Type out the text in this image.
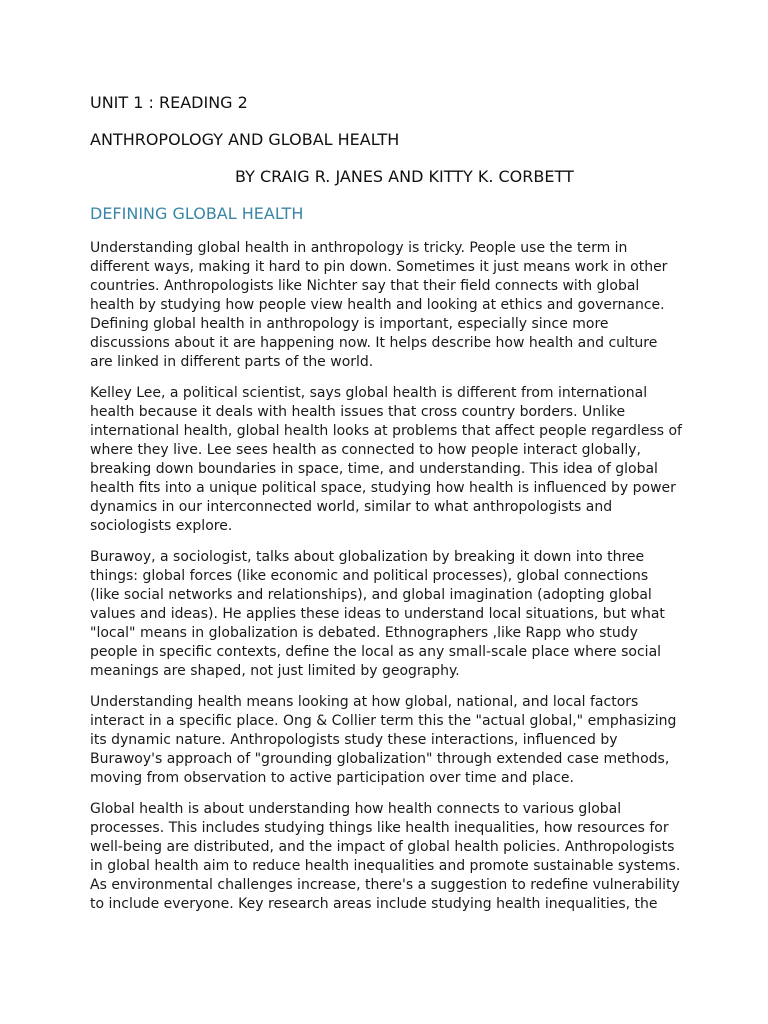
UNIT 1 : READING 2
ANTHROPOLOGY AND GLOBAL HEALTH
BY CRAIG R. JANES AND KITTY K. CORBETT
DEFINING GLOBAL HEALTH

Understanding global health in anthropology is tricky. People use the term in different ways, making it hard to pin down. Sometimes it just means work in other countries. Anthropologists like Nichter say that their field connects with global health by studying how people view health and looking at ethics and governance. Defining global health in anthropology is important, especially since more discussions about it are happening now. It helps describe how health and culture are linked in different parts of the world.

Kelley Lee, a political scientist, says global health is different from international health because it deals with health issues that cross country borders. Unlike international health, global health looks at problems that affect people regardless of where they live. Lee sees health as connected to how people interact globally, breaking down boundaries in space, time, and understanding. This idea of global health fits into a unique political space, studying how health is influenced by power dynamics in our interconnected world, similar to what anthropologists and sociologists explore.

Burawoy, a sociologist, talks about globalization by breaking it down into three things: global forces (like economic and political processes), global connections (like social networks and relationships), and global imagination (adopting global values and ideas). He applies these ideas to understand local situations, but what "local" means in globalization is debated. Ethnographers ,like Rapp who study people in specific contexts, define the local as any small-scale place where social meanings are shaped, not just limited by geography.

Understanding health means looking at how global, national, and local factors interact in a specific place. Ong & Collier term this the "actual global," emphasizing its dynamic nature. Anthropologists study these interactions, influenced by Burawoy's approach of "grounding globalization" through extended case methods, moving from observation to active participation over time and place.

Global health is about understanding how health connects to various global processes. This includes studying things like health inequalities, how resources for well-being are distributed, and the impact of global health policies. Anthropologists in global health aim to reduce health inequalities and promote sustainable systems. As environmental challenges increase, there's a suggestion to redefine vulnerability to include everyone. Key research areas include studying health inequalities, the
